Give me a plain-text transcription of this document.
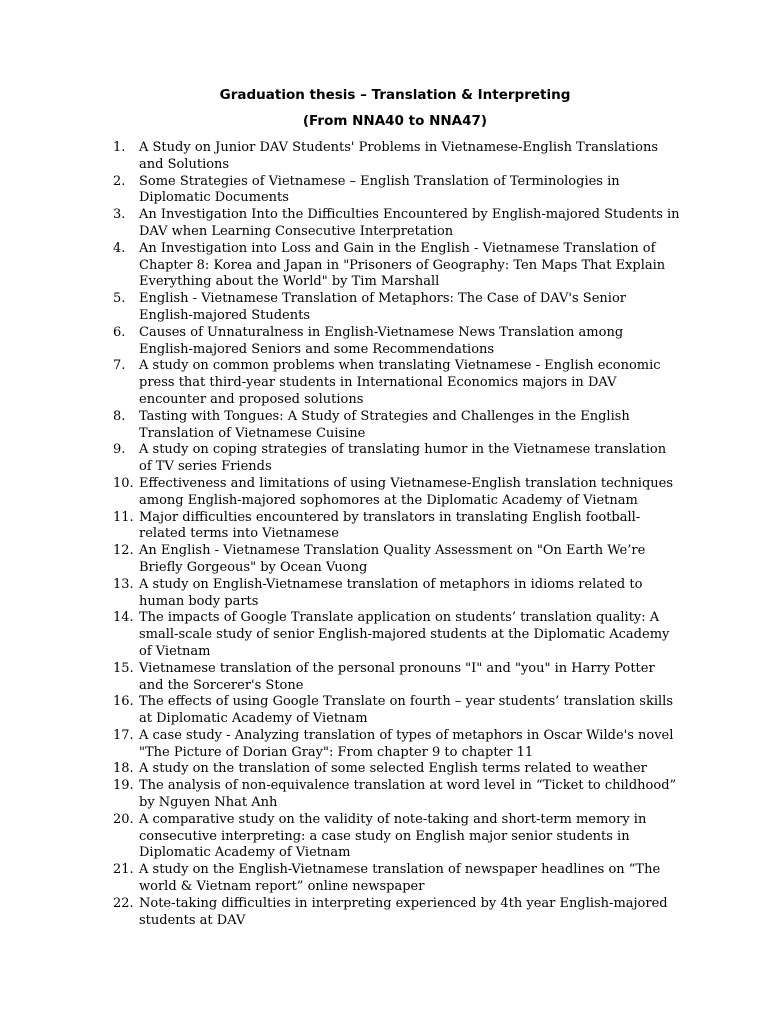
Graduation thesis – Translation & Interpreting
(From NNA40 to NNA47)
1. A Study on Junior DAV Students' Problems in Vietnamese-English Translations and Solutions
2. Some Strategies of Vietnamese – English Translation of Terminologies in Diplomatic Documents
3. An Investigation Into the Difficulties Encountered by English-majored Students in DAV when Learning Consecutive Interpretation
4. An Investigation into Loss and Gain in the English - Vietnamese Translation of Chapter 8: Korea and Japan in "Prisoners of Geography: Ten Maps That Explain Everything about the World" by Tim Marshall
5. English - Vietnamese Translation of Metaphors: The Case of DAV's Senior English-majored Students
6. Causes of Unnaturalness in English-Vietnamese News Translation among English-majored Seniors and some Recommendations
7. A study on common problems when translating Vietnamese - English economic press that third-year students in International Economics majors in DAV encounter and proposed solutions
8. Tasting with Tongues: A Study of Strategies and Challenges in the English Translation of Vietnamese Cuisine
9. A study on coping strategies of translating humor in the Vietnamese translation of TV series Friends
10. Effectiveness and limitations of using Vietnamese-English translation techniques among English-majored sophomores at the Diplomatic Academy of Vietnam
11. Major difficulties encountered by translators in translating English football-related terms into Vietnamese
12. An English - Vietnamese Translation Quality Assessment on "On Earth We’re Briefly Gorgeous" by Ocean Vuong
13. A study on English-Vietnamese translation of metaphors in idioms related to human body parts
14. The impacts of Google Translate application on students’ translation quality: A small-scale study of senior English-majored students at the Diplomatic Academy of Vietnam
15. Vietnamese translation of the personal pronouns "I" and "you" in Harry Potter and the Sorcerer's Stone
16. The effects of using Google Translate on fourth – year students’ translation skills at Diplomatic Academy of Vietnam
17. A case study - Analyzing translation of types of metaphors in Oscar Wilde's novel "The Picture of Dorian Gray": From chapter 9 to chapter 11
18. A study on the translation of some selected English terms related to weather
19. The analysis of non-equivalence translation at word level in “Ticket to childhood” by Nguyen Nhat Anh
20. A comparative study on the validity of note-taking and short-term memory in consecutive interpreting: a case study on English major senior students in Diplomatic Academy of Vietnam
21. A study on the English-Vietnamese translation of newspaper headlines on “The world & Vietnam report” online newspaper
22. Note-taking difficulties in interpreting experienced by 4th year English-majored students at DAV
